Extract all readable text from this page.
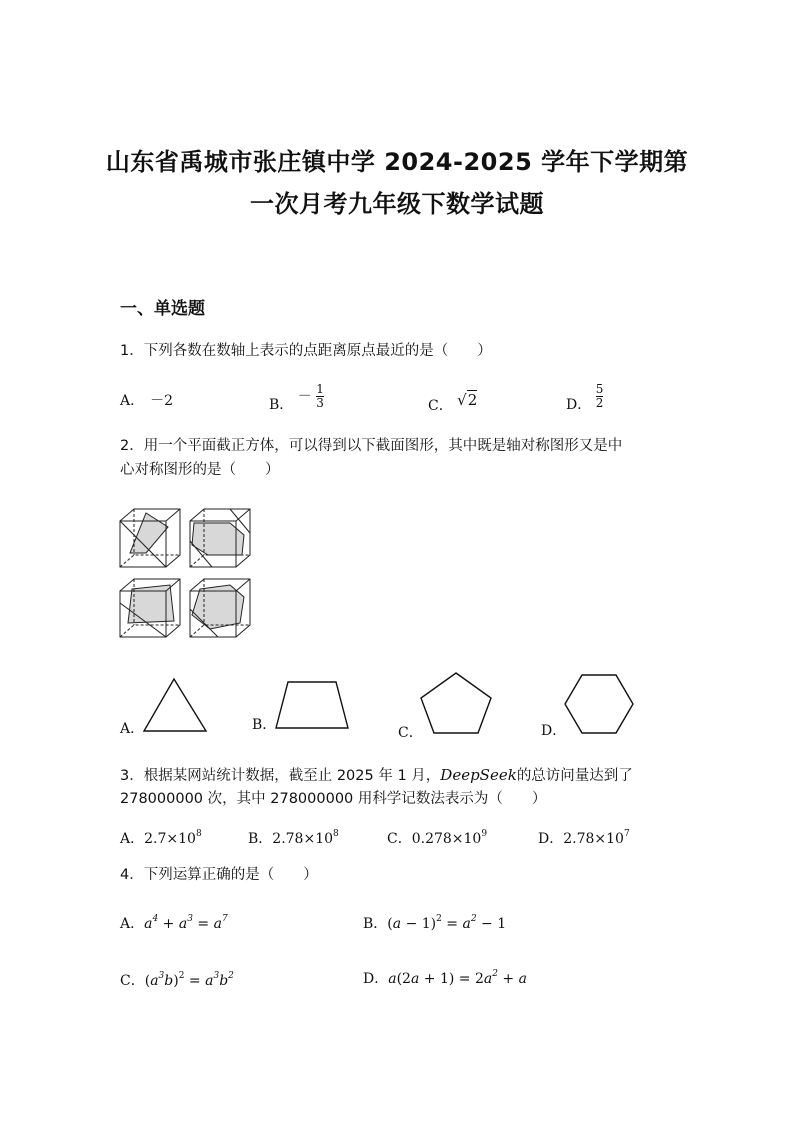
山东省禹城市张庄镇中学 2024-2025 学年下学期第
一次月考九年级下数学试题
一、单选题
1．下列各数在数轴上表示的点距离原点最近的是（　　）
A． －2	B． － $\frac{1}{3}$	C． √2	D． $\frac{5}{2}$
2．用一个平面截正方体，可以得到以下截面图形，其中既是轴对称图形又是中
心对称图形的是（　　）
A．	B．	C．	D．
3．根据某网站统计数据，截至止 2025 年 1 月，DeepSeek的总访问量达到了
278000000 次，其中 278000000 用科学记数法表示为（　　）
A．$2.7\times 10^8$	B．$2.78\times 10^8$	C．$0.278\times 10^9$	D．$2.78\times 10^7$
4．下列运算正确的是（　　）
A．$a^4 + a^3 = a^7$	B．$(a - 1)^2 = a^2 - 1$
C．$(a^3b)^2 = a^3b^2$	D．$a(2a + 1) = 2a^2 + a$
